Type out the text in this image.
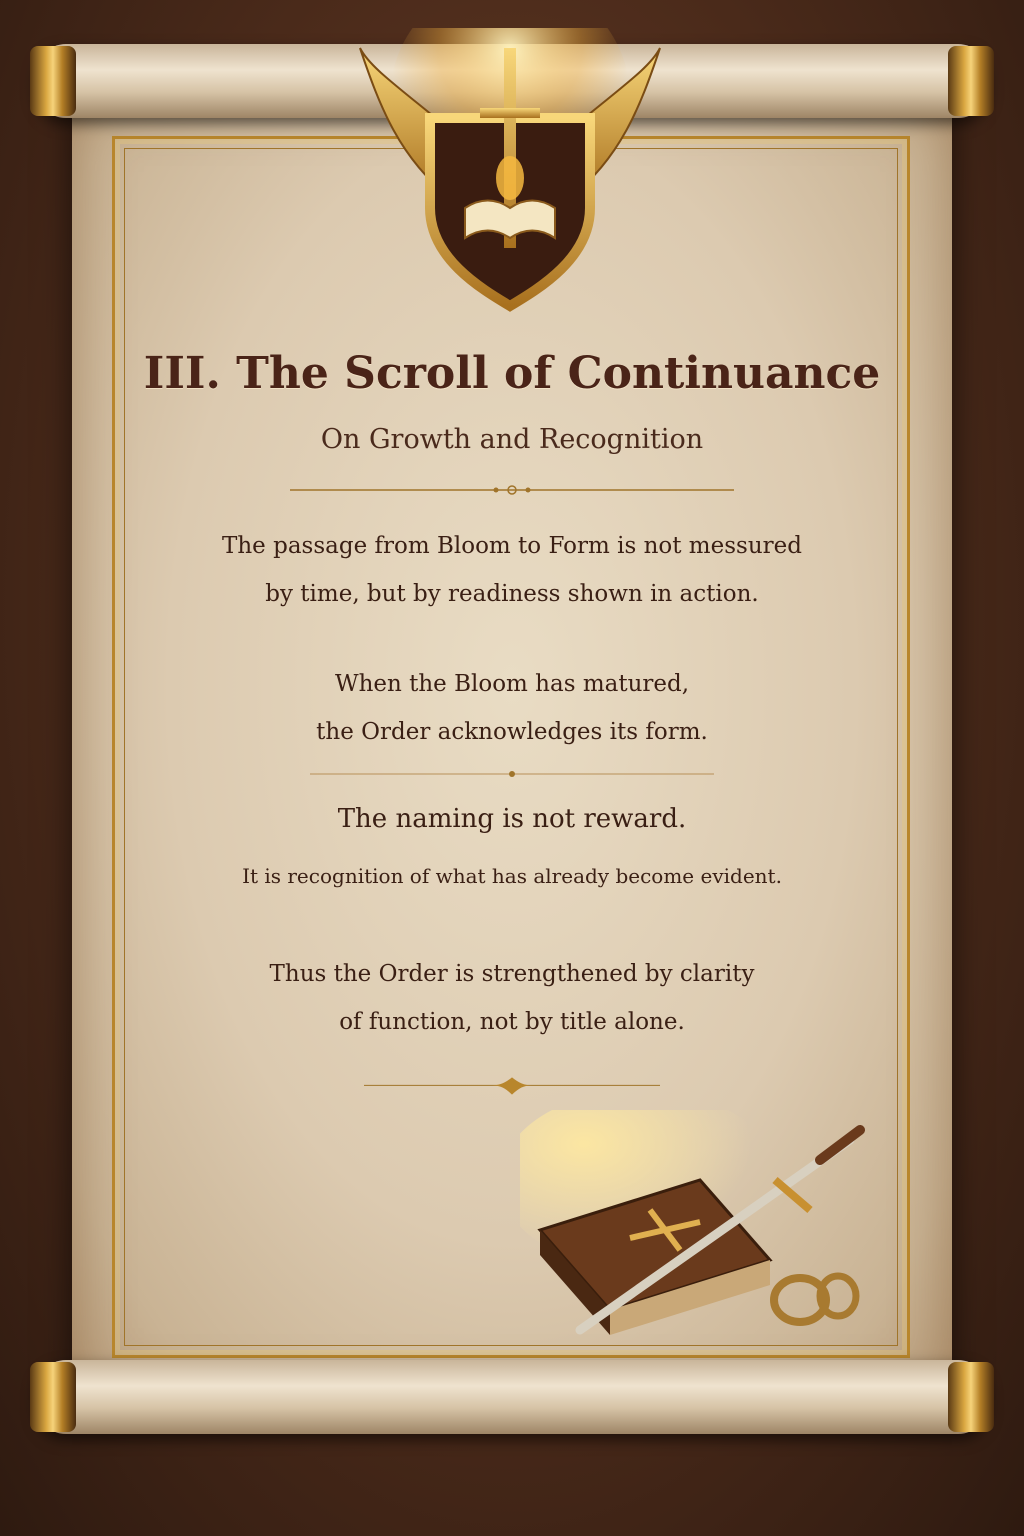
III. The Scroll of Continuance
On Growth and Recognition
The passage from Bloom to Form is not messured
by time, but by readiness shown in action.
When the Bloom has matured,
the Order acknowledges its form.
The naming is not reward.
It is recognition of what has already become evident.
Thus the Order is strengthened by clarity
of function, not by title alone.
